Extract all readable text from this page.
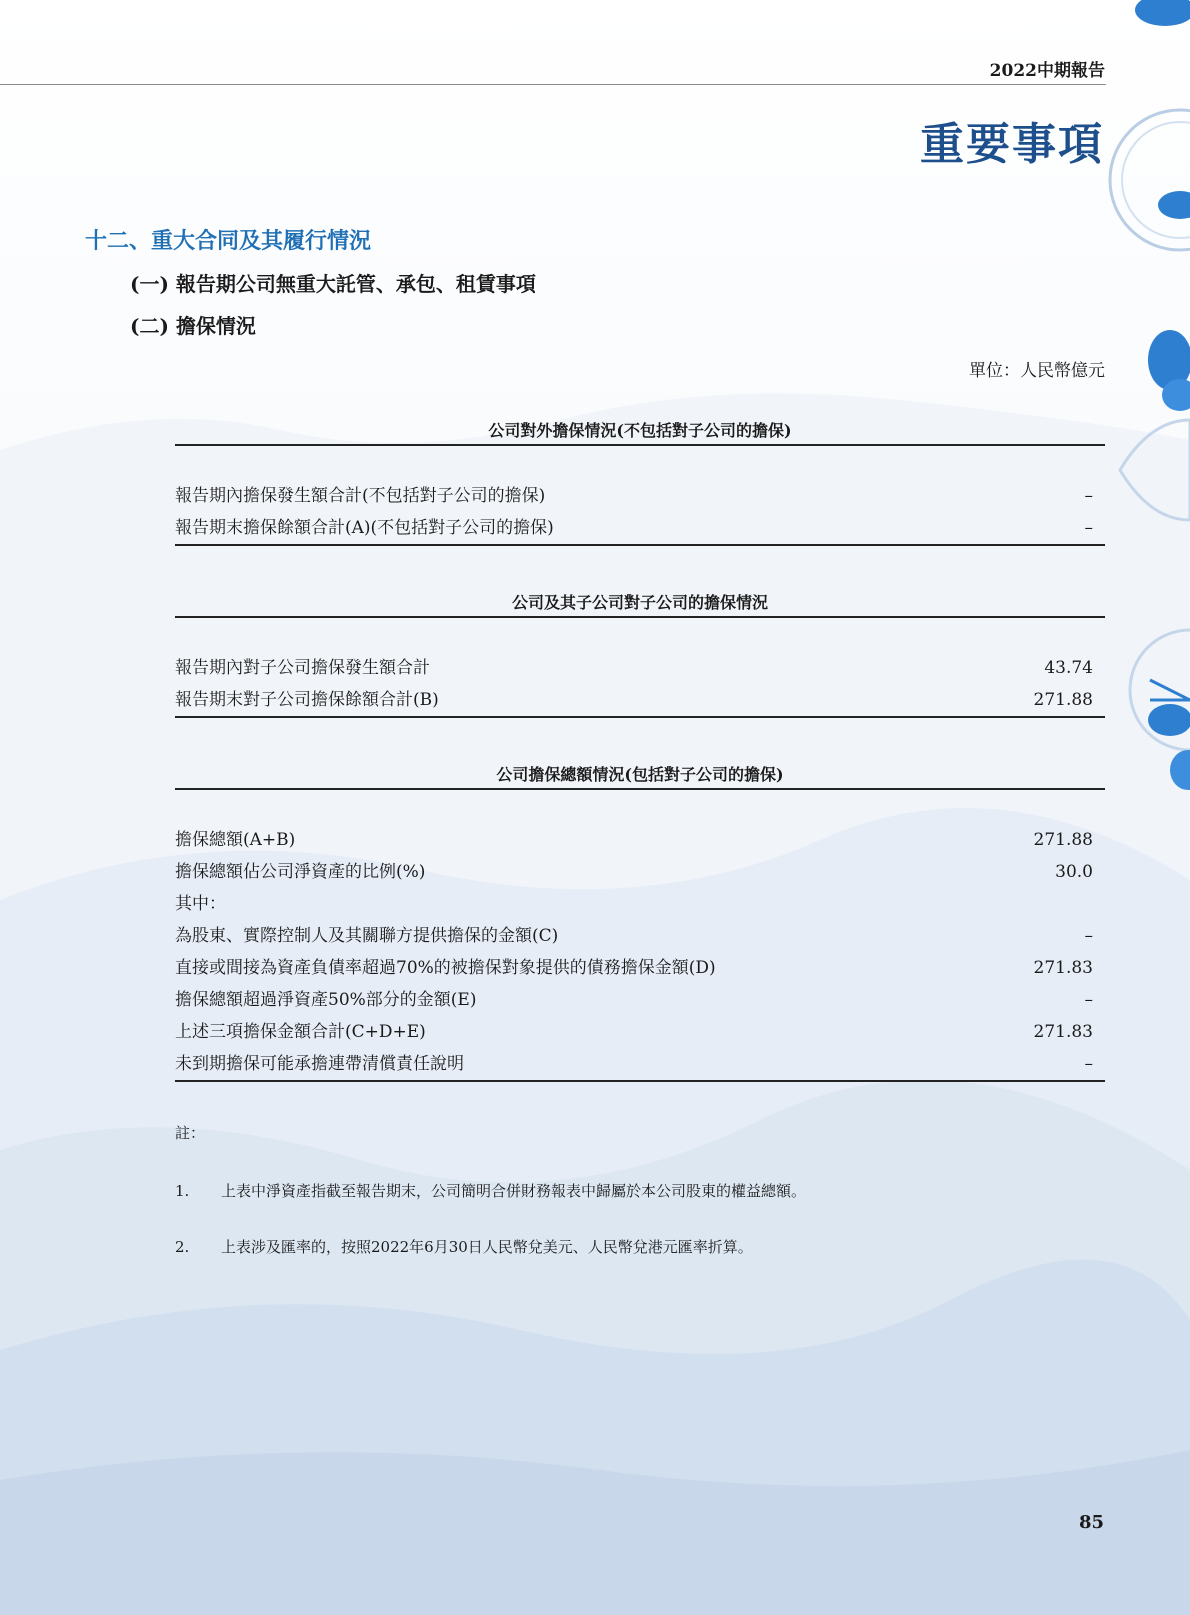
2022中期報告
重要事項
十二、重大合同及其履行情況
(一) 報告期公司無重大託管、承包、租賃事項
(二) 擔保情況
單位：人民幣億元
公司對外擔保情況(不包括對子公司的擔保)
報告期內擔保發生額合計(不包括對子公司的擔保)	–
報告期末擔保餘額合計(A)(不包括對子公司的擔保)	–
公司及其子公司對子公司的擔保情況
報告期內對子公司擔保發生額合計	43.74
報告期末對子公司擔保餘額合計(B)	271.88
公司擔保總額情況(包括對子公司的擔保)
擔保總額(A+B)	271.88
擔保總額佔公司淨資產的比例(%)	30.0
其中：
為股東、實際控制人及其關聯方提供擔保的金額(C)	–
直接或間接為資產負債率超過70%的被擔保對象提供的債務擔保金額(D)	271.83
擔保總額超過淨資產50%部分的金額(E)	–
上述三項擔保金額合計(C+D+E)	271.83
未到期擔保可能承擔連帶清償責任說明	–
註：
1. 上表中淨資產指截至報告期末，公司簡明合併財務報表中歸屬於本公司股東的權益總額。
2. 上表涉及匯率的，按照2022年6月30日人民幣兌美元、人民幣兌港元匯率折算。
85
